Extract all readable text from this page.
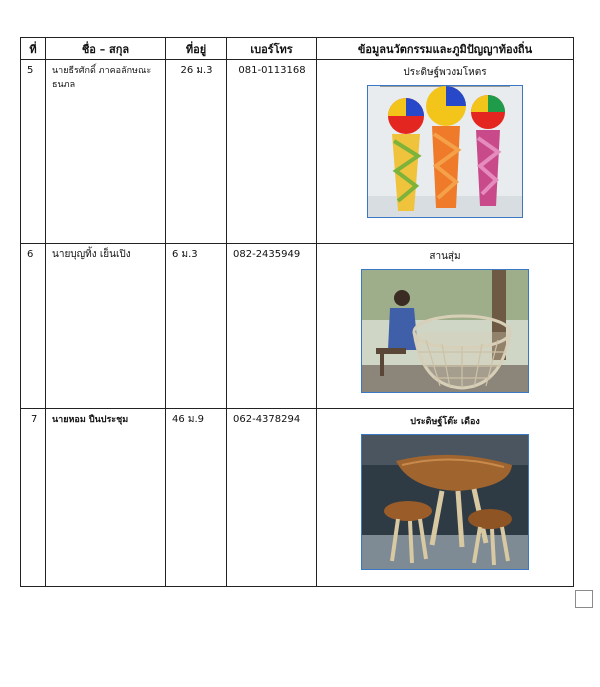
ที่	ชื่อ – สกุล	ที่อยู่	เบอร์โทร	ข้อมูลนวัตกรรมและภูมิปัญญาท้องถิ่น

5	นายธีรศักดิ์ ภาคอลักษณะ ธนภล	26 ม.3	081-0113168	ประดิษฐ์พวงมโหตร

6	นายบุญทิ้ง เย็นเปิง	6 ม.3	082-2435949	สานสุ่ม

7	นายหอม ปืนประชุม	46 ม.9	062-4378294	ประดิษฐ์โต๊ะ เดือง
